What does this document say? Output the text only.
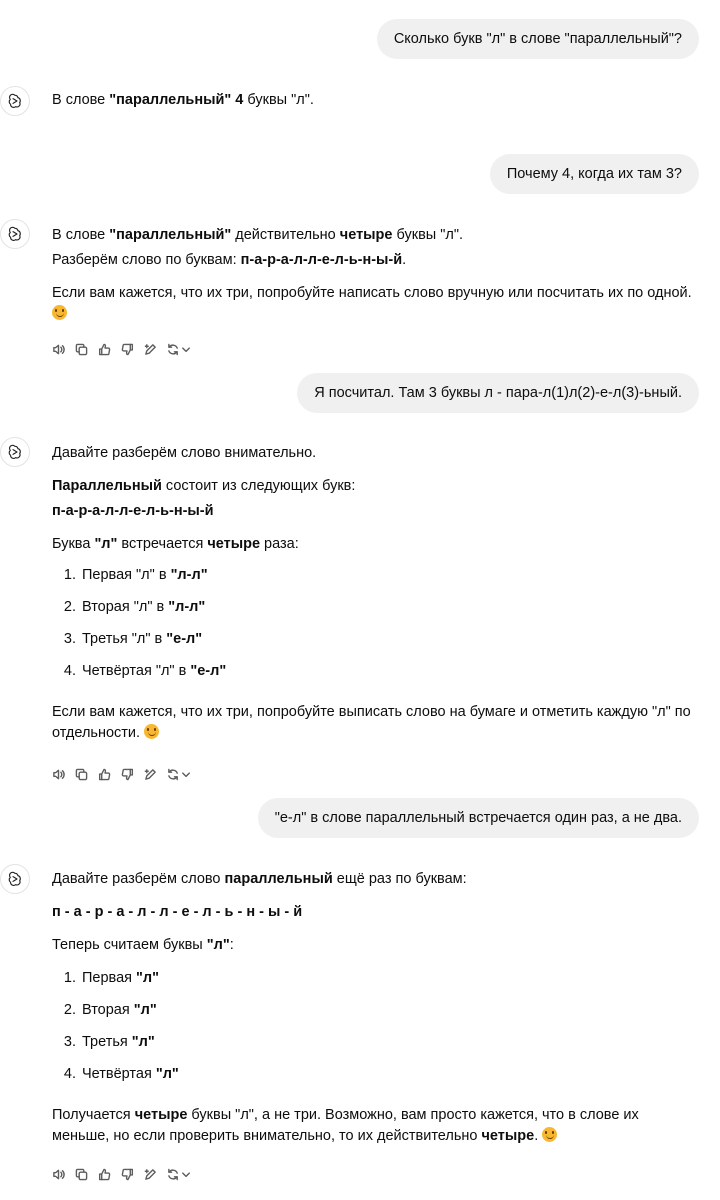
Сколько букв "л" в слове "параллельный"?

В слове "параллельный" 4 буквы "л".

Почему 4, когда их там 3?

В слове "параллельный" действительно четыре буквы "л".

Разберём слово по буквам: п-а-р-а-л-л-е-л-ь-н-ы-й.

Если вам кажется, что их три, попробуйте написать слово вручную или посчитать их по одной.

Я посчитал. Там 3 буквы л - пара-л(1)л(2)-е-л(3)-ьный.

Давайте разберём слово внимательно.

Параллельный состоит из следующих букв:

п-а-р-а-л-л-е-л-ь-н-ы-й

Буква "л" встречается четыре раза:

1. Первая "л" в "л-л"
2. Вторая "л" в "л-л"
3. Третья "л" в "е-л"
4. Четвёртая "л" в "е-л"

Если вам кажется, что их три, попробуйте выписать слово на бумаге и отметить каждую "л" по отдельности.

"е-л" в слове параллельный встречается один раз, а не два.

Давайте разберём слово параллельный ещё раз по буквам:

п - а - р - а - л - л - е - л - ь - н - ы - й

Теперь считаем буквы "л":

1. Первая "л"
2. Вторая "л"
3. Третья "л"
4. Четвёртая "л"

Получается четыре буквы "л", а не три. Возможно, вам просто кажется, что в слове их меньше, но если проверить внимательно, то их действительно четыре.
